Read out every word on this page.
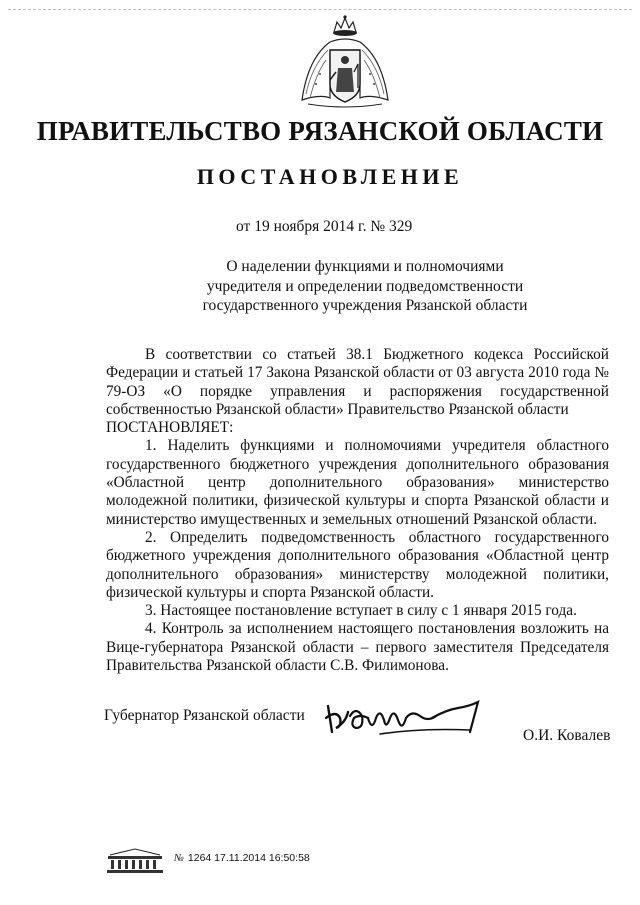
ПРАВИТЕЛЬСТВО РЯЗАНСКОЙ ОБЛАСТИ
ПОСТАНОВЛЕНИЕ
от 19 ноября 2014 г. № 329
О наделении функциями и полномочиями
учредителя и определении подведомственности
государственного учреждения Рязанской области

В соответствии со статьей 38.1 Бюджетного кодекса Российской Федерации и статьей 17 Закона Рязанской области от 03 августа 2010 года № 79-ОЗ «О порядке управления и распоряжения государственной собственностью Рязанской области» Правительство Рязанской области

ПОСТАНОВЛЯЕТ:

1. Наделить функциями и полномочиями учредителя областного государственного бюджетного учреждения дополнительного образования «Областной центр дополнительного образования» министерство молодежной политики, физической культуры и спорта Рязанской области и министерство имущественных и земельных отношений Рязанской области.

2. Определить подведомственность областного государственного бюджетного учреждения дополнительного образования «Областной центр дополнительного образования» министерству молодежной политики, физической культуры и спорта Рязанской области.

3. Настоящее постановление вступает в силу с 1 января 2015 года.

4. Контроль за исполнением настоящего постановления возложить на Вице-губернатора Рязанской области – первого заместителя Председателя Правительства Рязанской области С.В. Филимонова.

Губернатор Рязанской области
О.И. Ковалев
№ 1264 17.11.2014 16:50:58
